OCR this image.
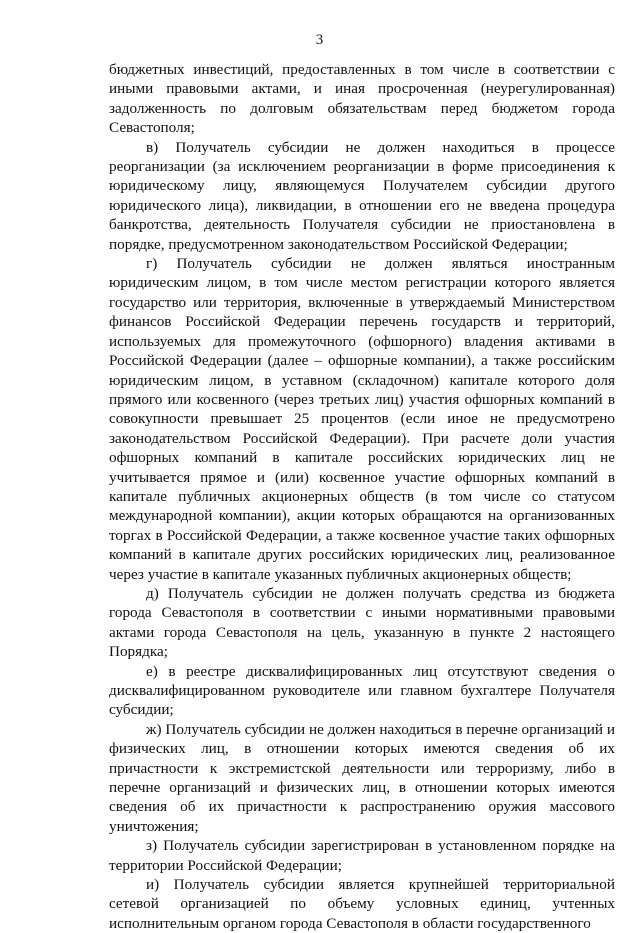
3

бюджетных инвестиций, предоставленных в том числе в соответствии с иными правовыми актами, и иная просроченная (неурегулированная) задолженность по долговым обязательствам перед бюджетом города Севастополя;

в) Получатель субсидии не должен находиться в процессе реорганизации (за исключением реорганизации в форме присоединения к юридическому лицу, являющемуся Получателем субсидии другого юридического лица), ликвидации, в отношении его не введена процедура банкротства, деятельность Получателя субсидии не приостановлена в порядке, предусмотренном законодательством Российской Федерации;

г) Получатель субсидии не должен являться иностранным юридическим лицом, в том числе местом регистрации которого является государство или территория, включенные в утверждаемый Министерством финансов Российской Федерации перечень государств и территорий, используемых для промежуточного (офшорного) владения активами в Российской Федерации (далее – офшорные компании), а также российским юридическим лицом, в уставном (складочном) капитале которого доля прямого или косвенного (через третьих лиц) участия офшорных компаний в совокупности превышает 25 процентов (если иное не предусмотрено законодательством Российской Федерации). При расчете доли участия офшорных компаний в капитале российских юридических лиц не учитывается прямое и (или) косвенное участие офшорных компаний в капитале публичных акционерных обществ (в том числе со статусом международной компании), акции которых обращаются на организованных торгах в Российской Федерации, а также косвенное участие таких офшорных компаний в капитале других российских юридических лиц, реализованное через участие в капитале указанных публичных акционерных обществ;

д) Получатель субсидии не должен получать средства из бюджета города Севастополя в соответствии с иными нормативными правовыми актами города Севастополя на цель, указанную в пункте 2 настоящего Порядка;

е) в реестре дисквалифицированных лиц отсутствуют сведения о дисквалифицированном руководителе или главном бухгалтере Получателя субсидии;

ж) Получатель субсидии не должен находиться в перечне организаций и физических лиц, в отношении которых имеются сведения об их причастности к экстремистской деятельности или терроризму, либо в перечне организаций и физических лиц, в отношении которых имеются сведения об их причастности к распространению оружия массового уничтожения;

з) Получатель субсидии зарегистрирован в установленном порядке на территории Российской Федерации;

и) Получатель субсидии является крупнейшей территориальной сетевой организацией по объему условных единиц, учтенных исполнительным органом города Севастополя в области государственного
